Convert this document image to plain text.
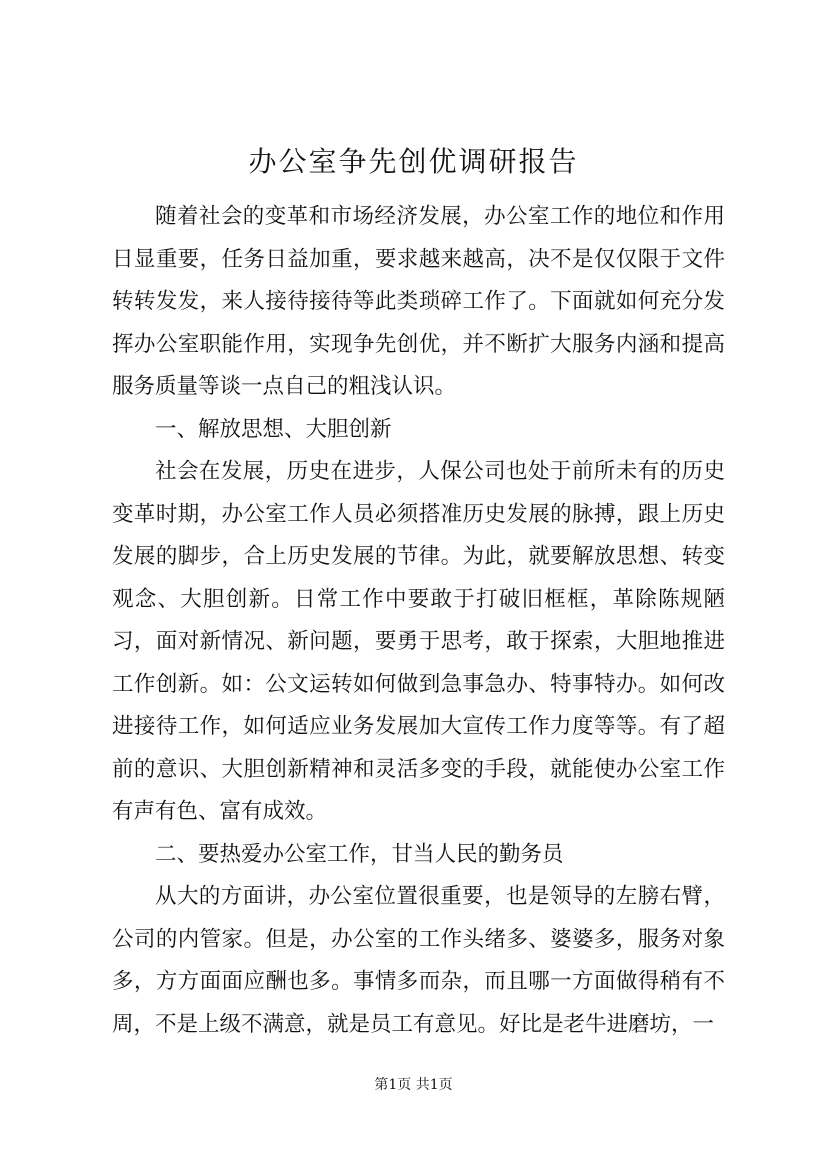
办公室争先创优调研报告

随着社会的变革和市场经济发展，办公室工作的地位和作用日显重要，任务日益加重，要求越来越高，决不是仅仅限于文件转转发发，来人接待接待等此类琐碎工作了。下面就如何充分发挥办公室职能作用，实现争先创优，并不断扩大服务内涵和提高服务质量等谈一点自己的粗浅认识。

一、解放思想、大胆创新

社会在发展，历史在进步，人保公司也处于前所未有的历史变革时期，办公室工作人员必须搭准历史发展的脉搏，跟上历史发展的脚步，合上历史发展的节律。为此，就要解放思想、转变观念、大胆创新。日常工作中要敢于打破旧框框，革除陈规陋习，面对新情况、新问题，要勇于思考，敢于探索，大胆地推进工作创新。如：公文运转如何做到急事急办、特事特办。如何改进接待工作，如何适应业务发展加大宣传工作力度等等。有了超前的意识、大胆创新精神和灵活多变的手段，就能使办公室工作有声有色、富有成效。

二、要热爱办公室工作，甘当人民的勤务员

从大的方面讲，办公室位置很重要，也是领导的左膀右臂，公司的内管家。但是，办公室的工作头绪多、婆婆多，服务对象多，方方面面应酬也多。事情多而杂，而且哪一方面做得稍有不周，不是上级不满意，就是员工有意见。好比是老牛进磨坊，一

第1页 共1页
